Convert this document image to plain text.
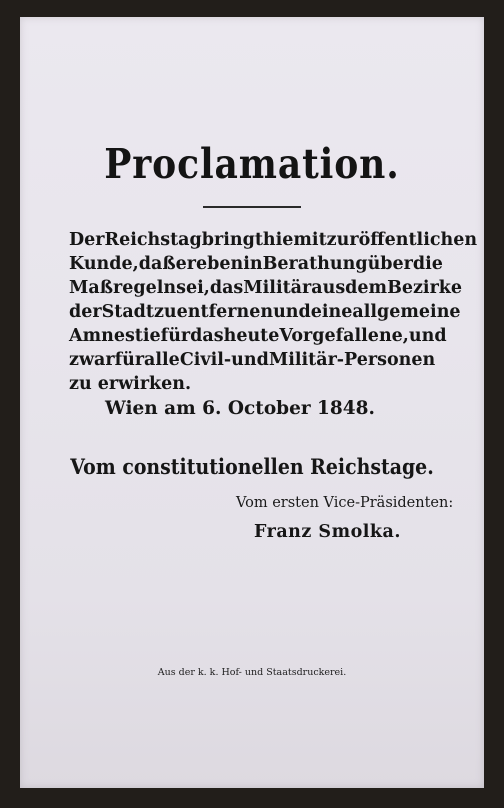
Proclamation.
Der Reichstag bringt hiemit zur öffentlichen
Kunde, daß er eben in Berathung über die
Maßregeln sei, das Militär aus dem Bezirke
der Stadt zu entfernen und eine allgemeine
Amnestie für das heute Vorgefallene, und
zwar für alle Civil- und Militär-Personen
zu erwirken.
Wien am 6. October 1848.
Vom constitutionellen Reichstage.
Vom ersten Vice-Präsidenten:
Franz Smolka.
Aus der k. k. Hof- und Staatsdruckerei.
